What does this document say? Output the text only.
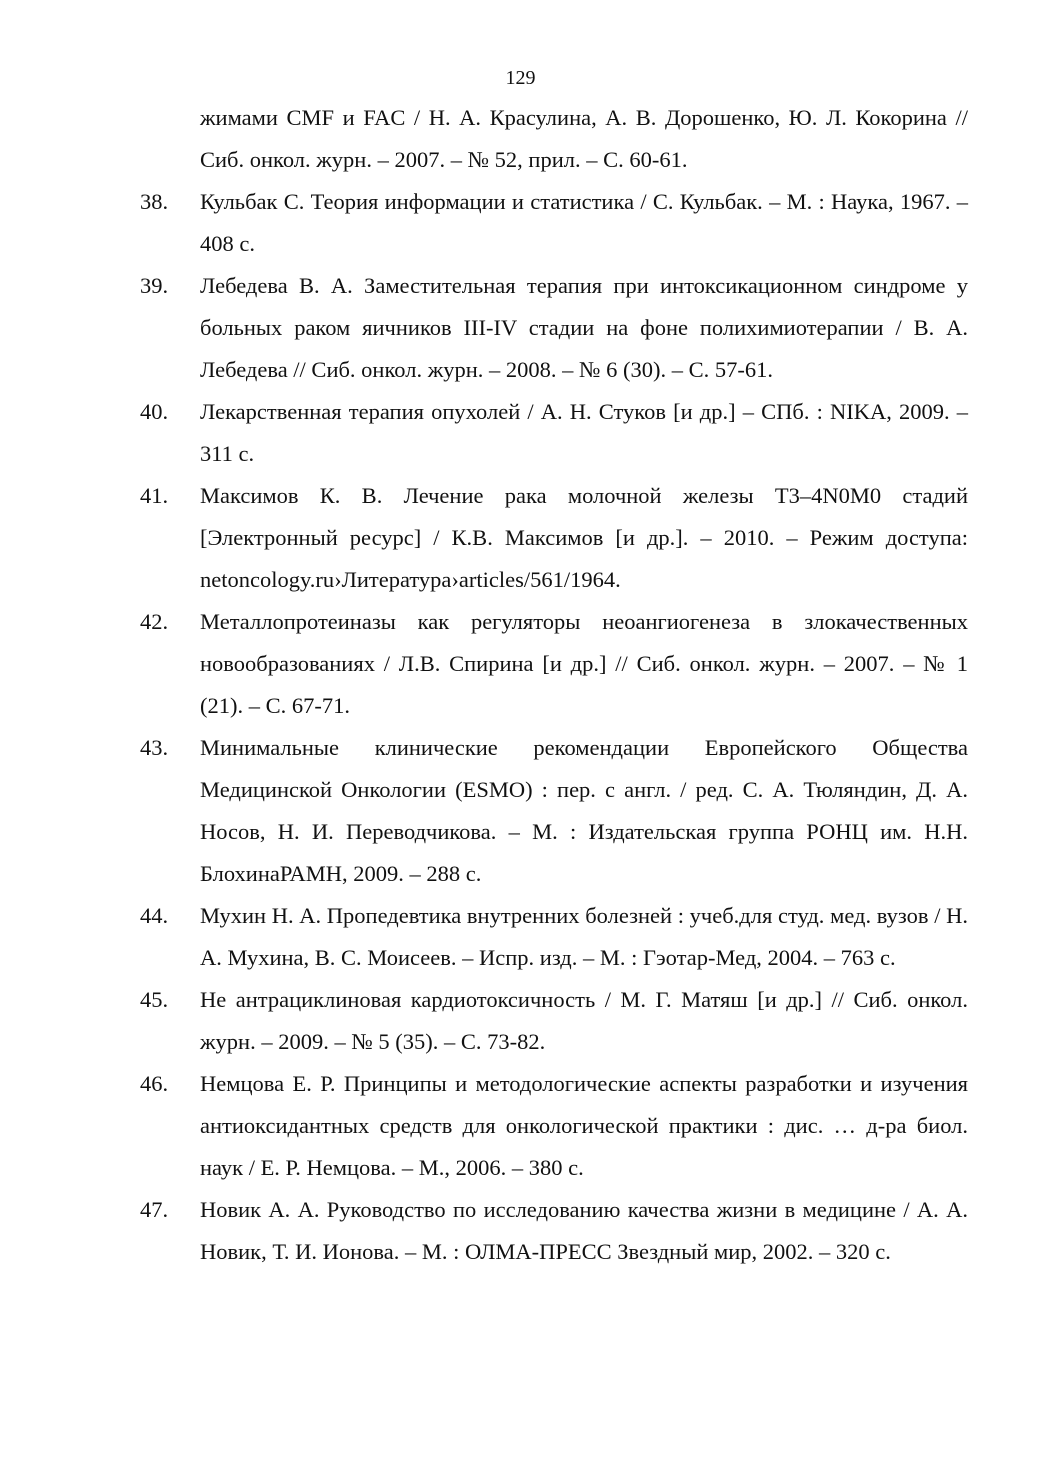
129
жимами CMF и FAC / Н. А. Красулина, А. В. Дорошенко, Ю. Л. Кокорина // Сиб. онкол. журн. – 2007. – № 52, прил. – С. 60-61.
38.	Кульбак С. Теория информации и статистика / С. Кульбак. – М. : Наука, 1967. – 408 с.
39.	Лебедева В. А. Заместительная терапия при интоксикационном синдроме у больных раком яичников III-IV стадии на фоне полихимиотерапии / В. А. Лебедева // Сиб. онкол. журн. – 2008. – № 6 (30). – С. 57-61.
40.	Лекарственная терапия опухолей / А. Н. Стуков [и др.] – СПб. : NIKA, 2009. – 311 с.
41.	Максимов К. В. Лечение рака молочной железы Т3–4N0M0 стадий [Электронный ресурс] / К.В. Максимов [и др.]. – 2010. – Режим доступа: netoncology.ru›Литература›articles/561/1964.
42.	Металлопротеиназы как регуляторы неоангиогенеза в злокачественных новообразованиях / Л.В. Спирина [и др.] // Сиб. онкол. журн. – 2007. – № 1 (21). – С. 67-71.
43.	Минимальные клинические рекомендации Европейского Общества Медицинской Онкологии (ESMO) : пер. с англ. / ред. С. А. Тюляндин, Д. А. Носов, Н. И. Переводчикова. – М. : Издательская группа РОНЦ им. Н.Н. БлохинаРАМН, 2009. – 288 с.
44.	Мухин Н. А. Пропедевтика внутренних болезней : учеб.для студ. мед. вузов / Н. А. Мухина, В. С. Моисеев. – Испр. изд. – М. : Гэотар-Мед, 2004. – 763 с.
45.	Не антрациклиновая кардиотоксичность / М. Г. Матяш [и др.] // Сиб. онкол. журн. – 2009. – № 5 (35). – С. 73-82.
46.	Немцова Е. Р. Принципы и методологические аспекты разработки и изучения антиоксидантных средств для онкологической практики : дис. … д-ра биол. наук / Е. Р. Немцова. – М., 2006. – 380 с.
47.	Новик А. А. Руководство по исследованию качества жизни в медицине / А. А. Новик, Т. И. Ионова. – М. : ОЛМА-ПРЕСС Звездный мир, 2002. – 320 с.
